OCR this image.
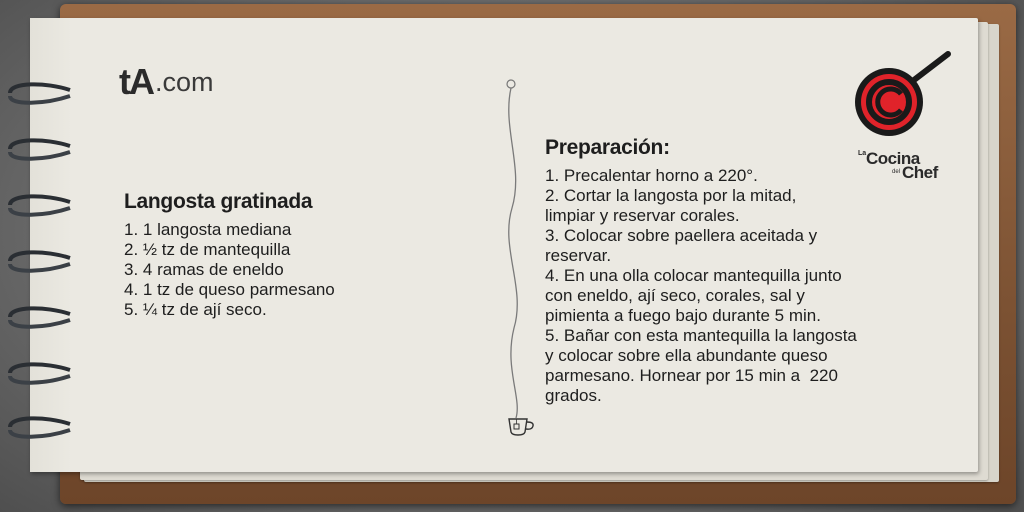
tA .com
Langosta gratinada
1. 1 langosta mediana
2. ½ tz de mantequilla
3. 4 ramas de eneldo
4. 1 tz de queso parmesano
5. ¼ tz de ají seco.
Preparación:
1. Precalentar horno a 220°.
2. Cortar la langosta por la mitad,
limpiar y reservar corales.
3. Colocar sobre paellera aceitada y
reservar.
4. En una olla colocar mantequilla junto
con eneldo, ají seco, corales, sal y
pimienta a fuego bajo durante 5 min.
5. Bañar con esta mantequilla la langosta
y colocar sobre ella abundante queso
parmesano. Hornear por 15 min a  220
grados.
La Cocina
del Chef
